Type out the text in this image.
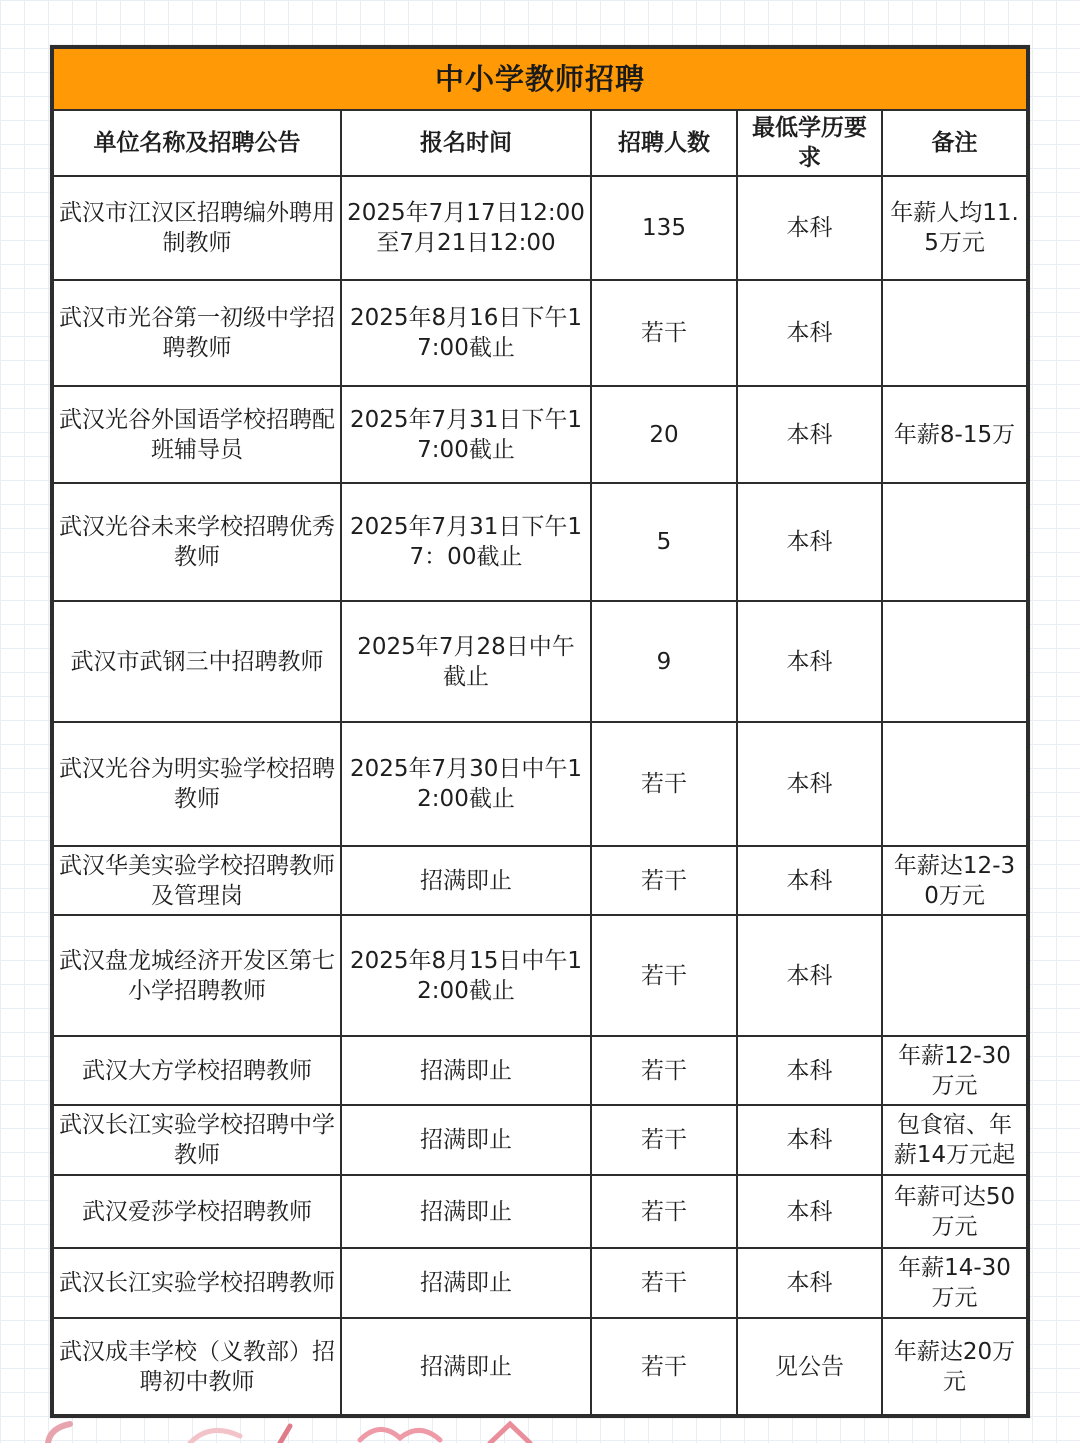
中小学教师招聘				
单位名称及招聘公告	报名时间	招聘人数	最低学历要求	备注
武汉市江汉区招聘编外聘用制教师	2025年7月17日12:00至7月21日12:00	135	本科	年薪人均11.5万元
武汉市光谷第一初级中学招聘教师	2025年8月16日下午17:00截止	若干	本科	
武汉光谷外国语学校招聘配班辅导员	2025年7月31日下午17:00截止	20	本科	年薪8-15万
武汉光谷未来学校招聘优秀教师	2025年7月31日下午17：00截止	5	本科	
武汉市武钢三中招聘教师	2025年7月28日中午截止	9	本科	
武汉光谷为明实验学校招聘教师	2025年7月30日中午12:00截止	若干	本科	
武汉华美实验学校招聘教师及管理岗	招满即止	若干	本科	年薪达12-30万元
武汉盘龙城经济开发区第七小学招聘教师	2025年8月15日中午12:00截止	若干	本科	
武汉大方学校招聘教师	招满即止	若干	本科	年薪12-30万元
武汉长江实验学校招聘中学教师	招满即止	若干	本科	包食宿、年薪14万元起
武汉爱莎学校招聘教师	招满即止	若干	本科	年薪可达50万元
武汉长江实验学校招聘教师	招满即止	若干	本科	年薪14-30万元
武汉成丰学校（义教部）招聘初中教师	招满即止	若干	见公告	年薪达20万元
